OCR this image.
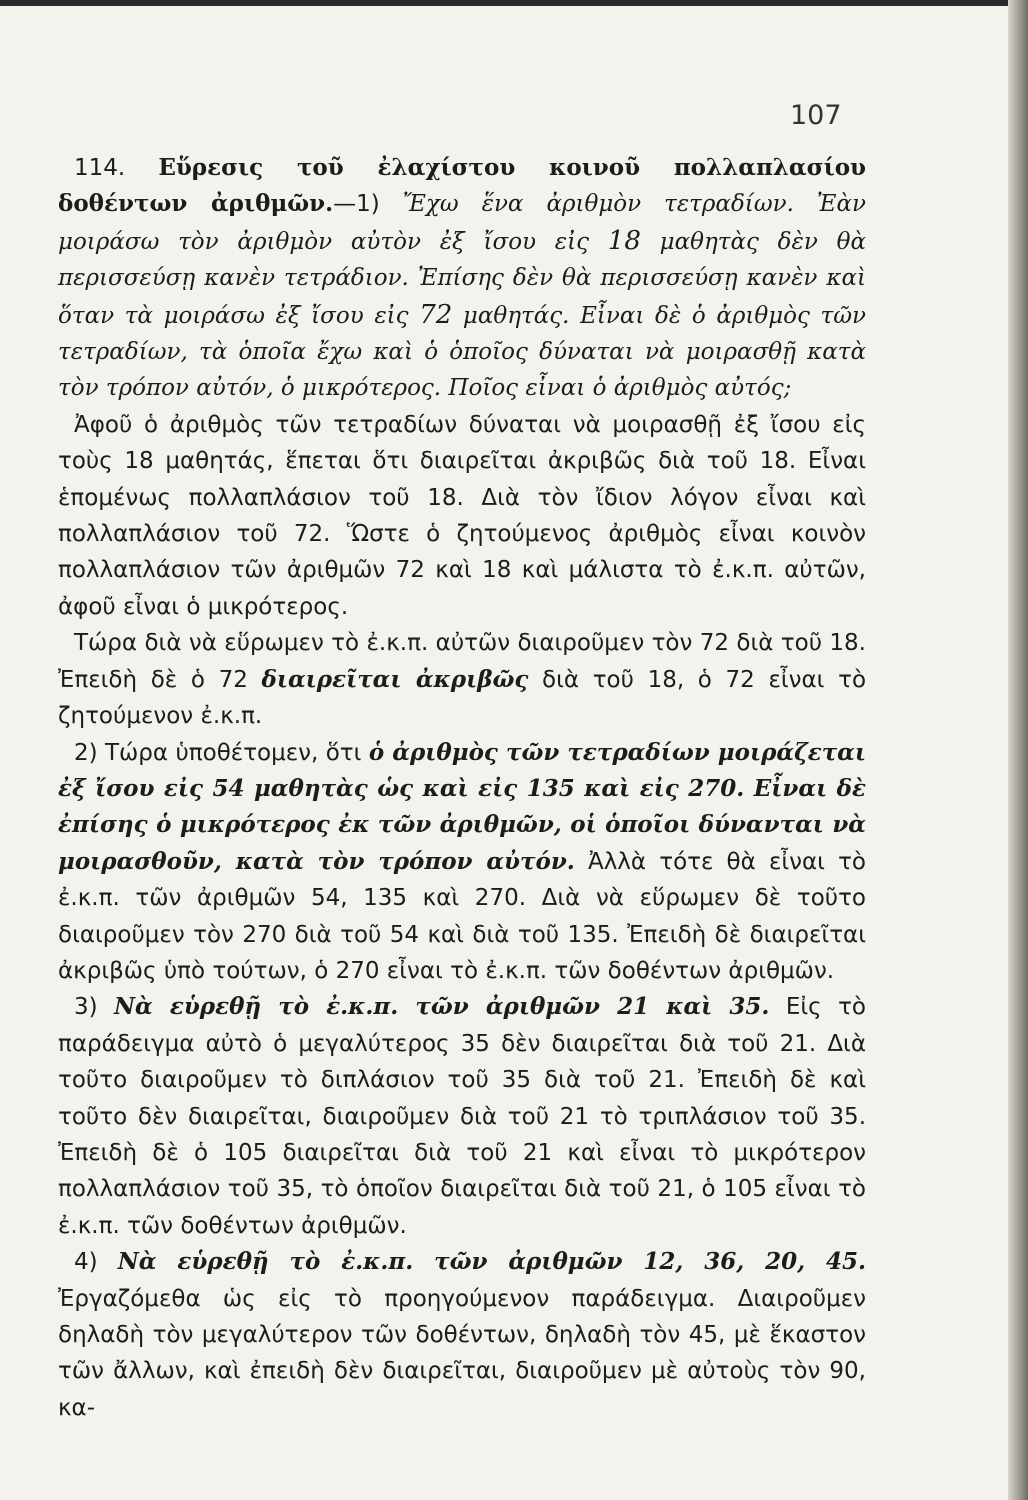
107

114. Εὕρεσις τοῦ ἐλαχίστου κοινοῦ πολλαπλασίου δοθέντων ἀριθμῶν.—1) Ἔχω ἕνα ἀριθμὸν τετραδίων. Ἐὰν μοιράσω τὸν ἀριθμὸν αὐτὸν ἐξ ἴσου εἰς 18 μαθητὰς δὲν θὰ περισσεύσῃ κανὲν τετράδιον. Ἐπίσης δὲν θὰ περισσεύσῃ κανὲν καὶ ὅταν τὰ μοιράσω ἐξ ἴσου εἰς 72 μαθητάς. Εἶναι δὲ ὁ ἀριθμὸς τῶν τετραδίων, τὰ ὁποῖα ἔχω καὶ ὁ ὁποῖος δύναται νὰ μοιρασθῇ κατὰ τὸν τρόπον αὐτόν, ὁ μικρότερος. Ποῖος εἶναι ὁ ἀριθμὸς αὐτός;

Ἀφοῦ ὁ ἀριθμὸς τῶν τετραδίων δύναται νὰ μοιρασθῇ ἐξ ἴσου εἰς τοὺς 18 μαθητάς, ἕπεται ὅτι διαιρεῖται ἀκριβῶς διὰ τοῦ 18. Εἶναι ἑπομένως πολλαπλάσιον τοῦ 18. Διὰ τὸν ἴδιον λόγον εἶναι καὶ πολλαπλάσιον τοῦ 72. Ὥστε ὁ ζητούμενος ἀριθμὸς εἶναι κοινὸν πολλαπλάσιον τῶν ἀριθμῶν 72 καὶ 18 καὶ μάλιστα τὸ ἐ.κ.π. αὐτῶν, ἀφοῦ εἶναι ὁ μικρότερος.

Τώρα διὰ νὰ εὕρωμεν τὸ ἐ.κ.π. αὐτῶν διαιροῦμεν τὸν 72 διὰ τοῦ 18. Ἐπειδὴ δὲ ὁ 72 διαιρεῖται ἀκριβῶς διὰ τοῦ 18, ὁ 72 εἶναι τὸ ζητούμενον ἐ.κ.π.

2) Τώρα ὑποθέτομεν, ὅτι ὁ ἀριθμὸς τῶν τετραδίων μοιράζεται ἐξ ἴσου εἰς 54 μαθητὰς ὡς καὶ εἰς 135 καὶ εἰς 270. Εἶναι δὲ ἐπίσης ὁ μικρότερος ἐκ τῶν ἀριθμῶν, οἱ ὁποῖοι δύνανται νὰ μοιρασθοῦν, κατὰ τὸν τρόπον αὐτόν. Ἀλλὰ τότε θὰ εἶναι τὸ ἐ.κ.π. τῶν ἀριθμῶν 54, 135 καὶ 270. Διὰ νὰ εὕρωμεν δὲ τοῦτο διαιροῦμεν τὸν 270 διὰ τοῦ 54 καὶ διὰ τοῦ 135. Ἐπειδὴ δὲ διαιρεῖται ἀκριβῶς ὑπὸ τούτων, ὁ 270 εἶναι τὸ ἐ.κ.π. τῶν δοθέντων ἀριθμῶν.

3) Νὰ εὑρεθῇ τὸ ἐ.κ.π. τῶν ἀριθμῶν 21 καὶ 35. Εἰς τὸ παράδειγμα αὐτὸ ὁ μεγαλύτερος 35 δὲν διαιρεῖται διὰ τοῦ 21. Διὰ τοῦτο διαιροῦμεν τὸ διπλάσιον τοῦ 35 διὰ τοῦ 21. Ἐπειδὴ δὲ καὶ τοῦτο δὲν διαιρεῖται, διαιροῦμεν διὰ τοῦ 21 τὸ τριπλάσιον τοῦ 35. Ἐπειδὴ δὲ ὁ 105 διαιρεῖται διὰ τοῦ 21 καὶ εἶναι τὸ μικρότερον πολλαπλάσιον τοῦ 35, τὸ ὁποῖον διαιρεῖται διὰ τοῦ 21, ὁ 105 εἶναι τὸ ἐ.κ.π. τῶν δοθέντων ἀριθμῶν.

4) Νὰ εὑρεθῇ τὸ ἐ.κ.π. τῶν ἀριθμῶν 12, 36, 20, 45. Ἐργαζόμεθα ὡς εἰς τὸ προηγούμενον παράδειγμα. Διαιροῦμεν δηλαδὴ τὸν μεγαλύτερον τῶν δοθέντων, δηλαδὴ τὸν 45, μὲ ἕκαστον τῶν ἄλλων, καὶ ἐπειδὴ δὲν διαιρεῖται, διαιροῦμεν μὲ αὐτοὺς τὸν 90, κα-
